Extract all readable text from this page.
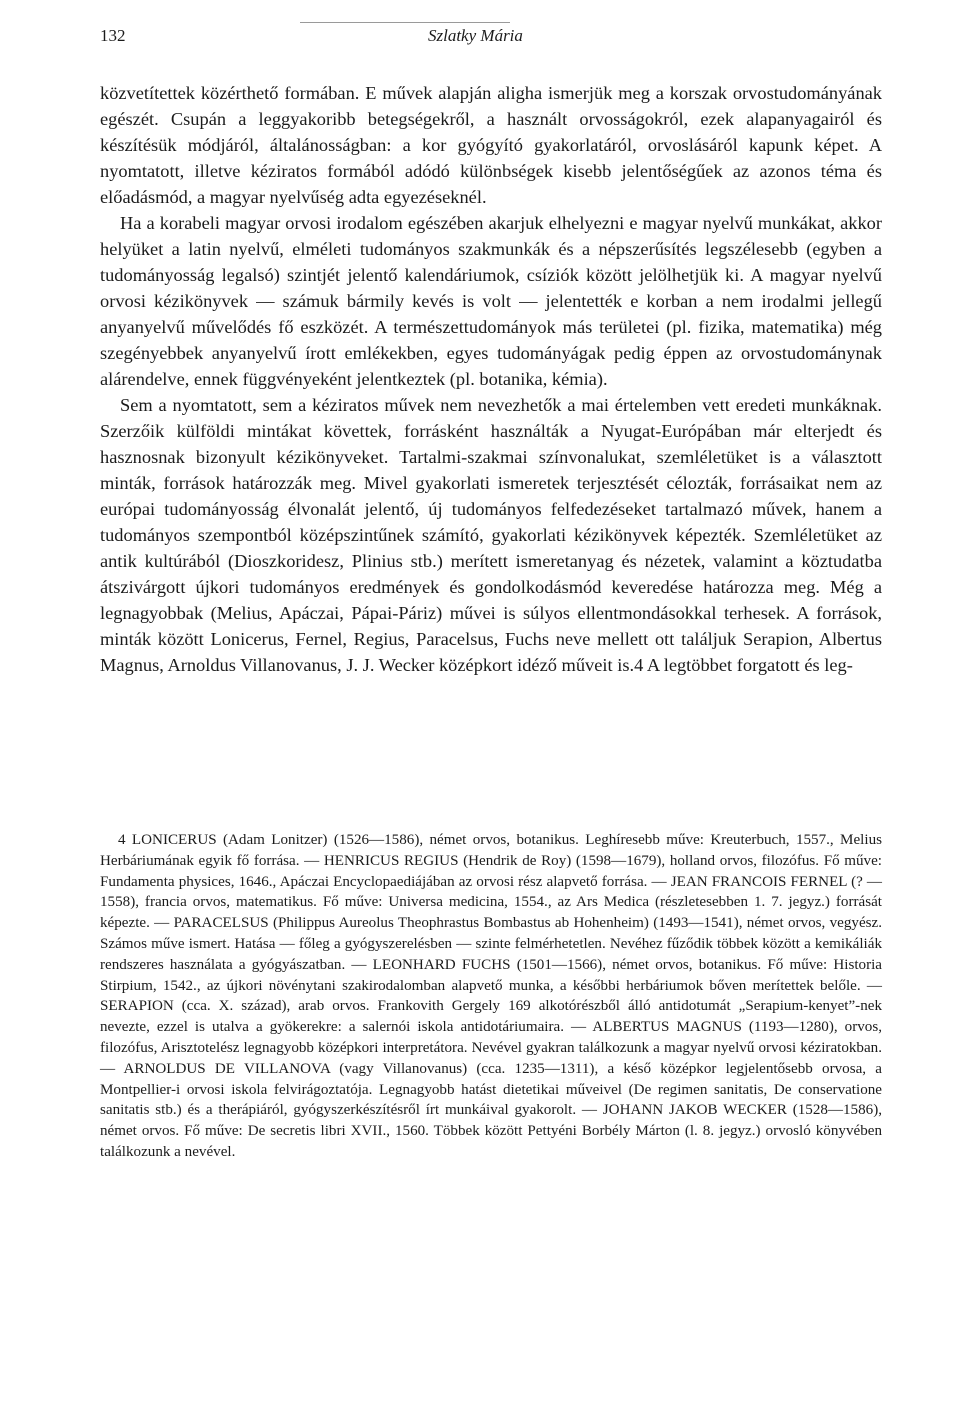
132	Szlatky Mária

közvetítettek közérthető formában. E művek alapján aligha ismerjük meg a korszak orvostudományának egészét. Csupán a leggyakoribb betegségekről, a használt orvosságokról, ezek alapanyagairól és készítésük módjáról, általánosságban: a kor gyógyító gyakorlatáról, orvoslásáról kapunk képet. A nyomtatott, illetve kéziratos formából adódó különbségek kisebb jelentőségűek az azonos téma és előadásmód, a magyar nyelvűség adta egyezéseknél.

Ha a korabeli magyar orvosi irodalom egészében akarjuk elhelyezni e magyar nyelvű munkákat, akkor helyüket a latin nyelvű, elméleti tudományos szakmunkák és a népszerűsítés legszélesebb (egyben a tudományosság legalsó) szintjét jelentő kalendáriumok, csíziók között jelölhetjük ki. A magyar nyelvű orvosi kézikönyvek — számuk bármily kevés is volt — jelentették e korban a nem irodalmi jellegű anyanyelvű művelődés fő eszközét. A természettudományok más területei (pl. fizika, matematika) még szegényebbek anyanyelvű írott emlékekben, egyes tudományágak pedig éppen az orvostudománynak alárendelve, ennek függvényeként jelentkeztek (pl. botanika, kémia).

Sem a nyomtatott, sem a kéziratos művek nem nevezhetők a mai értelemben vett eredeti munkáknak. Szerzőik külföldi mintákat követtek, forrásként használták a Nyugat-Európában már elterjedt és hasznosnak bizonyult kézikönyveket. Tartalmi-szakmai színvonalukat, szemléletüket is a választott minták, források határozzák meg. Mivel gyakorlati ismeretek terjesztését célozták, forrásaikat nem az európai tudományosság élvonalát jelentő, új tudományos felfedezéseket tartalmazó művek, hanem a tudományos szempontból középszintűnek számító, gyakorlati kézikönyvek képezték. Szemléletüket az antik kultúrából (Dioszkoridesz, Plinius stb.) merített ismeretanyag és nézetek, valamint a köztudatba átszivárgott újkori tudományos eredmények és gondolkodásmód keveredése határozza meg. Még a legnagyobbak (Melius, Apáczai, Pápai-Páriz) művei is súlyos ellentmondásokkal terhesek. A források, minták között Lonicerus, Fernel, Regius, Paracelsus, Fuchs neve mellett ott találjuk Serapion, Albertus Magnus, Arnoldus Villanovanus, J. J. Wecker középkort idéző műveit is.4 A legtöbbet forgatott és leg-

4 LONICERUS (Adam Lonitzer) (1526—1586), német orvos, botanikus. Leghíresebb műve: Kreuterbuch, 1557., Melius Herbáriumának egyik fő forrása. — HENRICUS REGIUS (Hendrik de Roy) (1598—1679), holland orvos, filozófus. Fő műve: Fundamenta physices, 1646., Apáczai Encyclopaediájában az orvosi rész alapvető forrása. — JEAN FRANCOIS FERNEL (? —1558), francia orvos, matematikus. Fő műve: Universa medicina, 1554., az Ars Medica (részletesebben 1. 7. jegyz.) forrását képezte. — PARACELSUS (Philippus Aureolus Theophrastus Bombastus ab Hohenheim) (1493—1541), német orvos, vegyész. Számos műve ismert. Hatása — főleg a gyógyszerelésben — szinte felmérhetetlen. Nevéhez fűződik többek között a kemikáliák rendszeres használata a gyógyászatban. — LEONHARD FUCHS (1501—1566), német orvos, botanikus. Fő műve: Historia Stirpium, 1542., az újkori növénytani szakirodalomban alapvető munka, a későbbi herbáriumok bőven merítettek belőle. — SERAPION (cca. X. század), arab orvos. Frankovith Gergely 169 alkotórészből álló antidotumát „Serapium-kenyet”-nek nevezte, ezzel is utalva a gyökerekre: a salernói iskola antidotáriumaira. — ALBERTUS MAGNUS (1193—1280), orvos, filozófus, Arisztotelész legnagyobb középkori interpretátora. Nevével gyakran találkozunk a magyar nyelvű orvosi kéziratokban. — ARNOLDUS DE VILLANOVA (vagy Villanovanus) (cca. 1235—1311), a késő középkor legjelentősebb orvosa, a Montpellier-i orvosi iskola felvirágoztatója. Legnagyobb hatást dietetikai műveivel (De regimen sanitatis, De conservatione sanitatis stb.) és a therápiáról, gyógyszerkészítésről írt munkáival gyakorolt. — JOHANN JAKOB WECKER (1528—1586), német orvos. Fő műve: De secretis libri XVII., 1560. Többek között Pettyéni Borbély Márton (l. 8. jegyz.) orvosló könyvében találkozunk a nevével.
